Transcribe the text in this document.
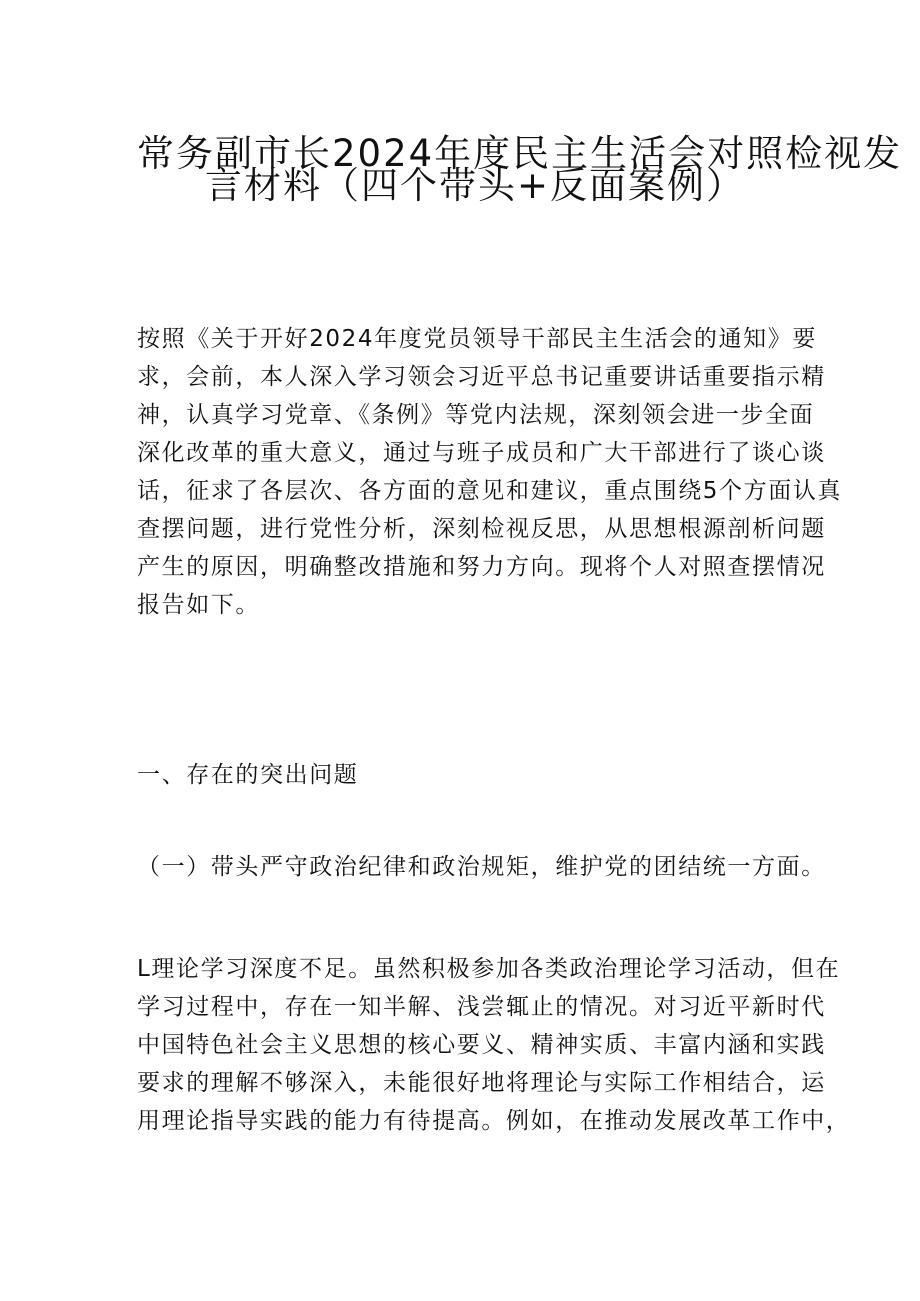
常务副市长2024年度民主生活会对照检视发
言材料（四个带头+反面案例）
按照《关于开好2024年度党员领导干部民主生活会的通知》要
求，会前，本人深入学习领会习近平总书记重要讲话重要指示精
神，认真学习党章、《条例》等党内法规，深刻领会进一步全面
深化改革的重大意义，通过与班子成员和广大干部进行了谈心谈
话，征求了各层次、各方面的意见和建议，重点围绕5个方面认真
查摆问题，进行党性分析，深刻检视反思，从思想根源剖析问题
产生的原因，明确整改措施和努力方向。现将个人对照查摆情况
报告如下。
一、存在的突出问题
（一）带头严守政治纪律和政治规矩，维护党的团结统一方面。
L理论学习深度不足。虽然积极参加各类政治理论学习活动，但在
学习过程中，存在一知半解、浅尝辄止的情况。对习近平新时代
中国特色社会主义思想的核心要义、精神实质、丰富内涵和实践
要求的理解不够深入，未能很好地将理论与实际工作相结合，运
用理论指导实践的能力有待提高。例如，在推动发展改革工作中，
